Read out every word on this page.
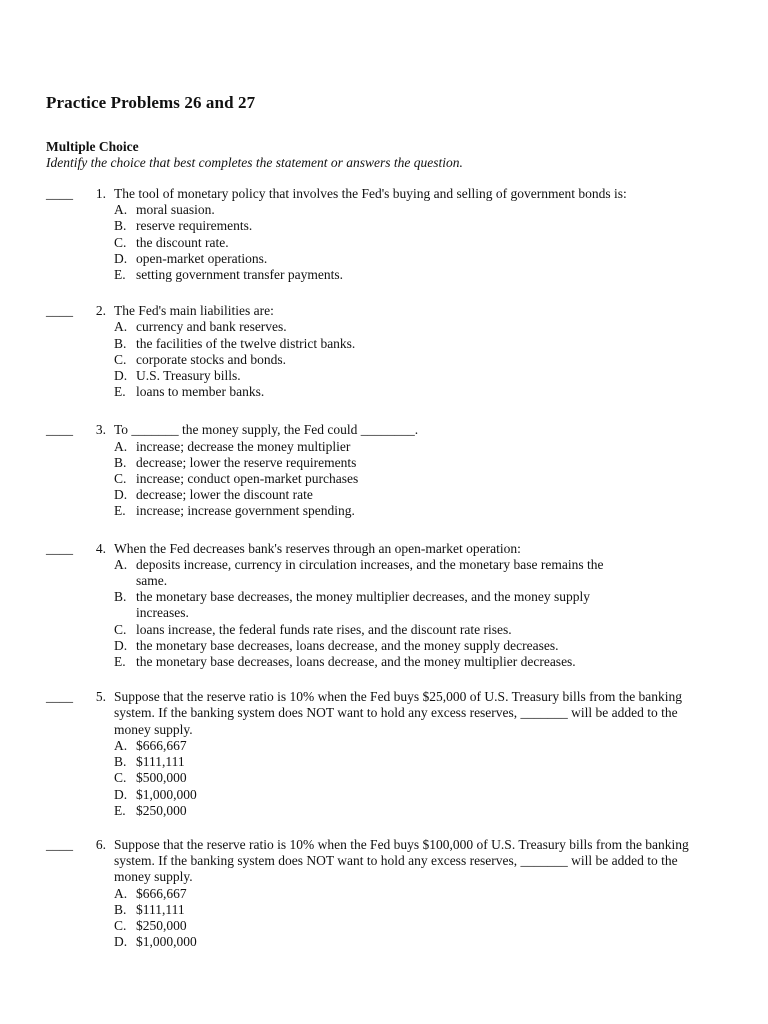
Practice Problems 26 and 27
Multiple Choice
Identify the choice that best completes the statement or answers the question.
____	1. The tool of monetary policy that involves the Fed's buying and selling of government bonds is:
A. moral suasion.
B. reserve requirements.
C. the discount rate.
D. open-market operations.
E. setting government transfer payments.
____	2. The Fed's main liabilities are:
A. currency and bank reserves.
B. the facilities of the twelve district banks.
C. corporate stocks and bonds.
D. U.S. Treasury bills.
E. loans to member banks.
____	3. To _______ the money supply, the Fed could ________.
A. increase; decrease the money multiplier
B. decrease; lower the reserve requirements
C. increase; conduct open-market purchases
D. decrease; lower the discount rate
E. increase; increase government spending.
____	4. When the Fed decreases bank's reserves through an open-market operation:
A. deposits increase, currency in circulation increases, and the monetary base remains the same.
B. the monetary base decreases, the money multiplier decreases, and the money supply increases.
C. loans increase, the federal funds rate rises, and the discount rate rises.
D. the monetary base decreases, loans decrease, and the money supply decreases.
E. the monetary base decreases, loans decrease, and the money multiplier decreases.
____	5. Suppose that the reserve ratio is 10% when the Fed buys $25,000 of U.S. Treasury bills from the banking system. If the banking system does NOT want to hold any excess reserves, _______ will be added to the money supply.
A. $666,667
B. $111,111
C. $500,000
D. $1,000,000
E. $250,000
____	6. Suppose that the reserve ratio is 10% when the Fed buys $100,000 of U.S. Treasury bills from the banking system. If the banking system does NOT want to hold any excess reserves, _______ will be added to the money supply.
A. $666,667
B. $111,111
C. $250,000
D. $1,000,000
